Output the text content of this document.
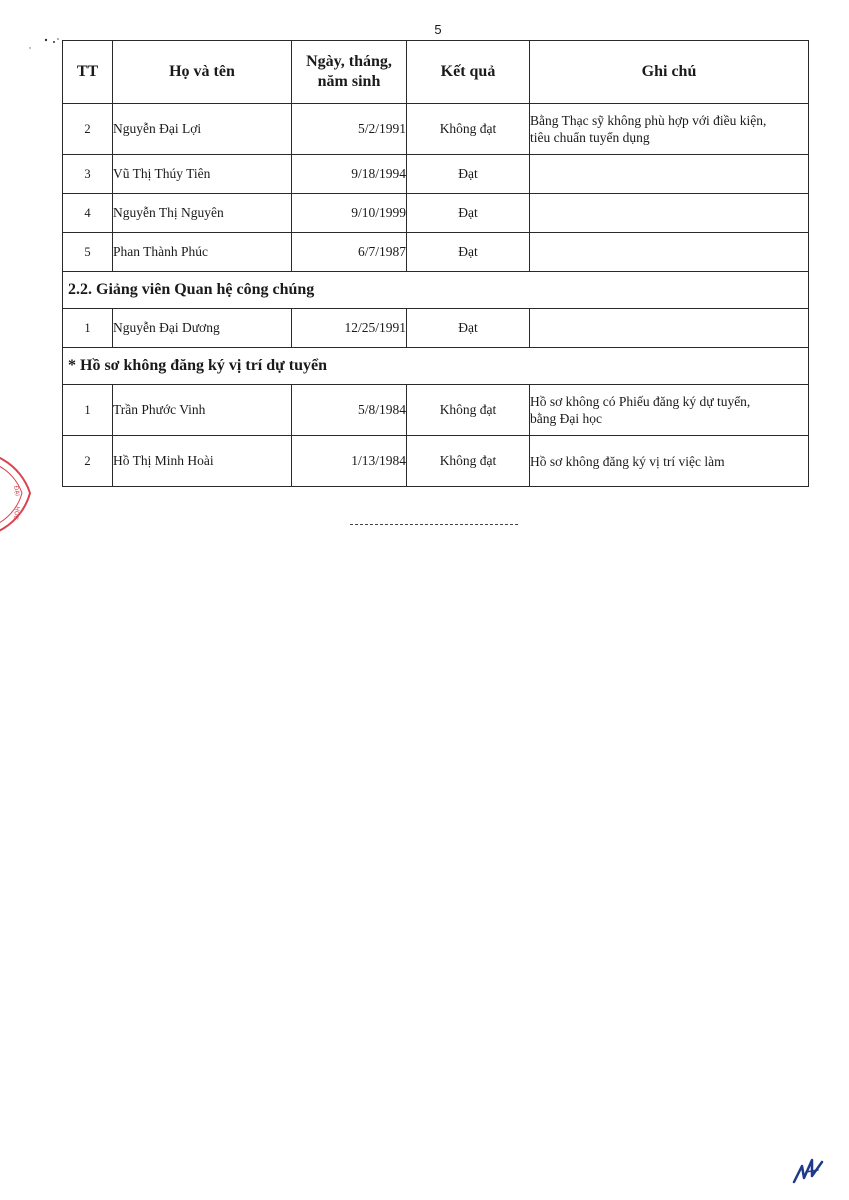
5
TT	Họ và tên	Ngày, tháng,
năm sinh	Kết quả	Ghi chú
2	Nguyễn Đại Lợi	5/2/1991	Không đạt	Bằng Thạc sỹ không phù hợp với điều kiện,
tiêu chuẩn tuyển dụng
3	Vũ Thị Thúy Tiên	9/18/1994	Đạt	
4	Nguyễn Thị Nguyên	9/10/1999	Đạt	
5	Phan Thành Phúc	6/7/1987	Đạt	
2.2. Giảng viên Quan hệ công chúng				
1	Nguyễn Đại Dương	12/25/1991	Đạt	
* Hồ sơ không đăng ký vị trí dự tuyển				
1	Trần Phước Vinh	5/8/1984	Không đạt	Hồ sơ không có Phiếu đăng ký dự tuyển,
bằng Đại học
2	Hồ Thị Minh Hoài	1/13/1984	Không đạt	Hồ sơ không đăng ký vị trí việc làm
ĐẠI
HỌC
